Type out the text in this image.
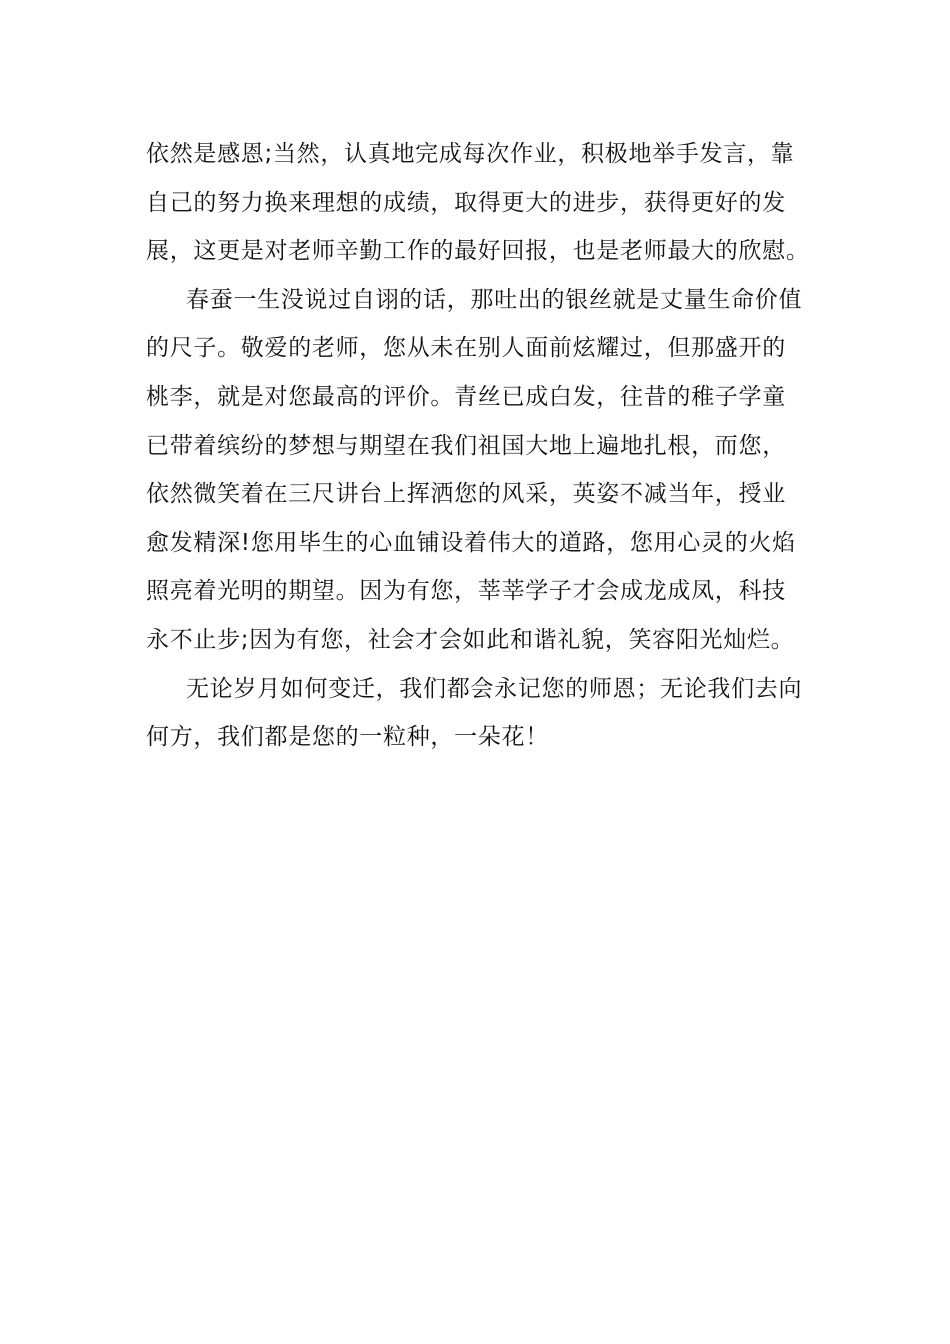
依然是感恩;当然，认真地完成每次作业，积极地举手发言，靠
自己的努力换来理想的成绩，取得更大的进步，获得更好的发
展，这更是对老师辛勤工作的最好回报，也是老师最大的欣慰。
春蚕一生没说过自诩的话，那吐出的银丝就是丈量生命价值
的尺子。敬爱的老师，您从未在别人面前炫耀过，但那盛开的
桃李，就是对您最高的评价。青丝已成白发，往昔的稚子学童
已带着缤纷的梦想与期望在我们祖国大地上遍地扎根，而您，
依然微笑着在三尺讲台上挥洒您的风采，英姿不减当年，授业
愈发精深!您用毕生的心血铺设着伟大的道路，您用心灵的火焰
照亮着光明的期望。因为有您，莘莘学子才会成龙成凤，科技
永不止步;因为有您，社会才会如此和谐礼貌，笑容阳光灿烂。
无论岁月如何变迁，我们都会永记您的师恩；无论我们去向
何方，我们都是您的一粒种，一朵花！
